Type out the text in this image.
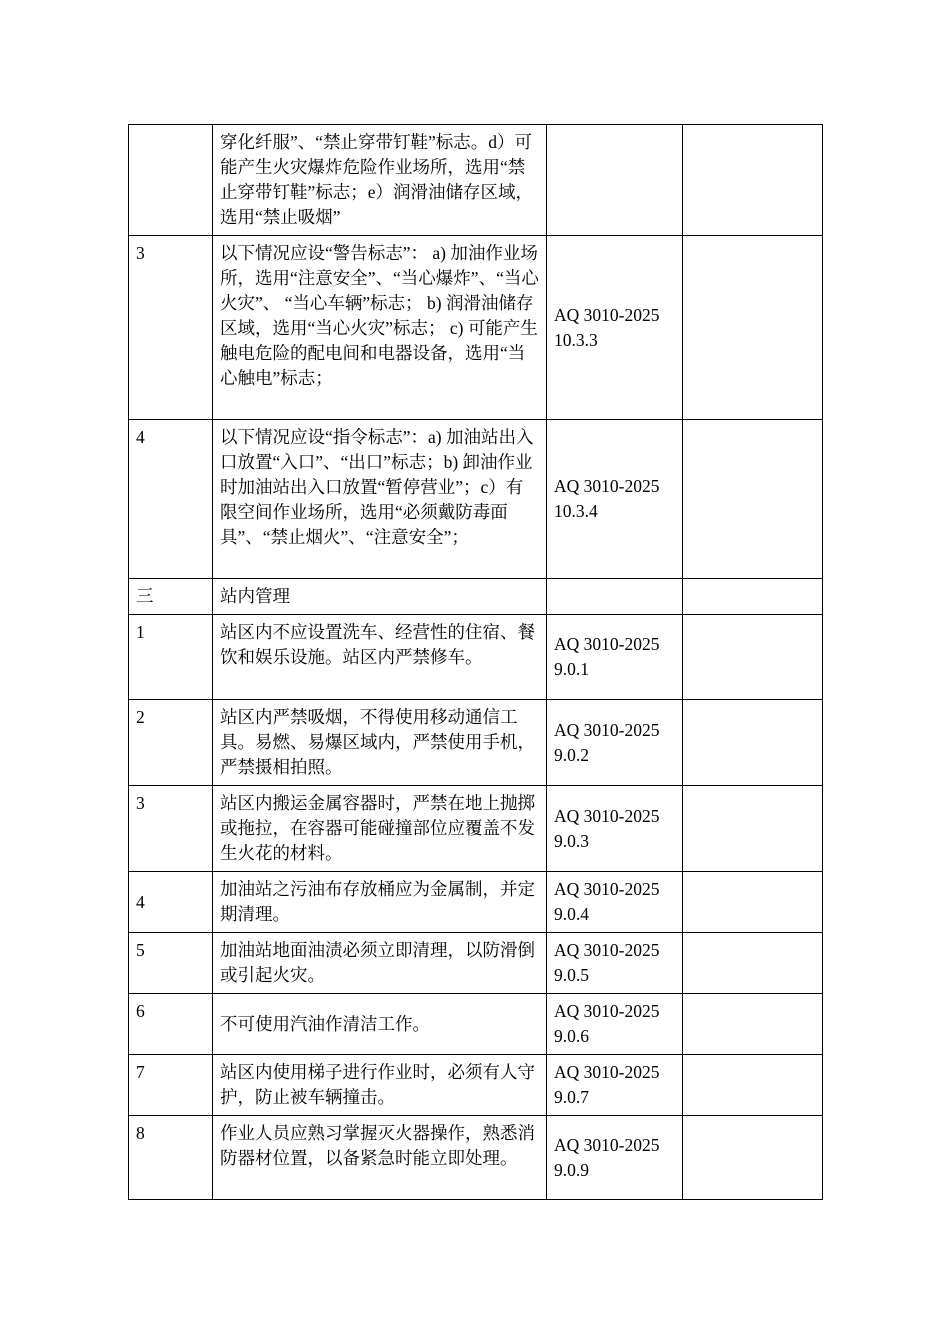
	穿化纤服”、“禁止穿带钉鞋”标志。d）可能产生火灾爆炸危险作业场所，选用“禁止穿带钉鞋”标志；e）润滑油储存区域，选用“禁止吸烟”		
3	以下情况应设“警告标志”： a) 加油作业场所，选用“注意安全”、“当心爆炸”、“当心火灾”、 “当心车辆”标志； b) 润滑油储存区域，选用“当心火灾”标志； c) 可能产生触电危险的配电间和电器设备，选用“当心触电”标志；	AQ 3010-2025 10.3.3	
4	以下情况应设“指令标志”：a) 加油站出入口放置“入口”、“出口”标志；b) 卸油作业时加油站出入口放置“暂停营业”；c）有限空间作业场所，选用“必须戴防毒面具”、“禁止烟火”、“注意安全”；	AQ 3010-2025 10.3.4	
三	站内管理		
1	站区内不应设置洗车、经营性的住宿、餐饮和娱乐设施。站区内严禁修车。	AQ 3010-2025 9.0.1	
2	站区内严禁吸烟，不得使用移动通信工具。易燃、易爆区域内，严禁使用手机，严禁摄相拍照。	AQ 3010-2025 9.0.2	
3	站区内搬运金属容器时，严禁在地上抛掷或拖拉，在容器可能碰撞部位应覆盖不发生火花的材料。	AQ 3010-2025 9.0.3	
4	加油站之污油布存放桶应为金属制，并定期清理。	AQ 3010-2025 9.0.4	
5	加油站地面油渍必须立即清理，以防滑倒或引起火灾。	AQ 3010-2025 9.0.5	
6	不可使用汽油作清洁工作。	AQ 3010-2025 9.0.6	
7	站区内使用梯子进行作业时，必须有人守护，防止被车辆撞击。	AQ 3010-2025 9.0.7	
8	作业人员应熟习掌握灭火器操作，熟悉消防器材位置，以备紧急时能立即处理。	AQ 3010-2025 9.0.9	
